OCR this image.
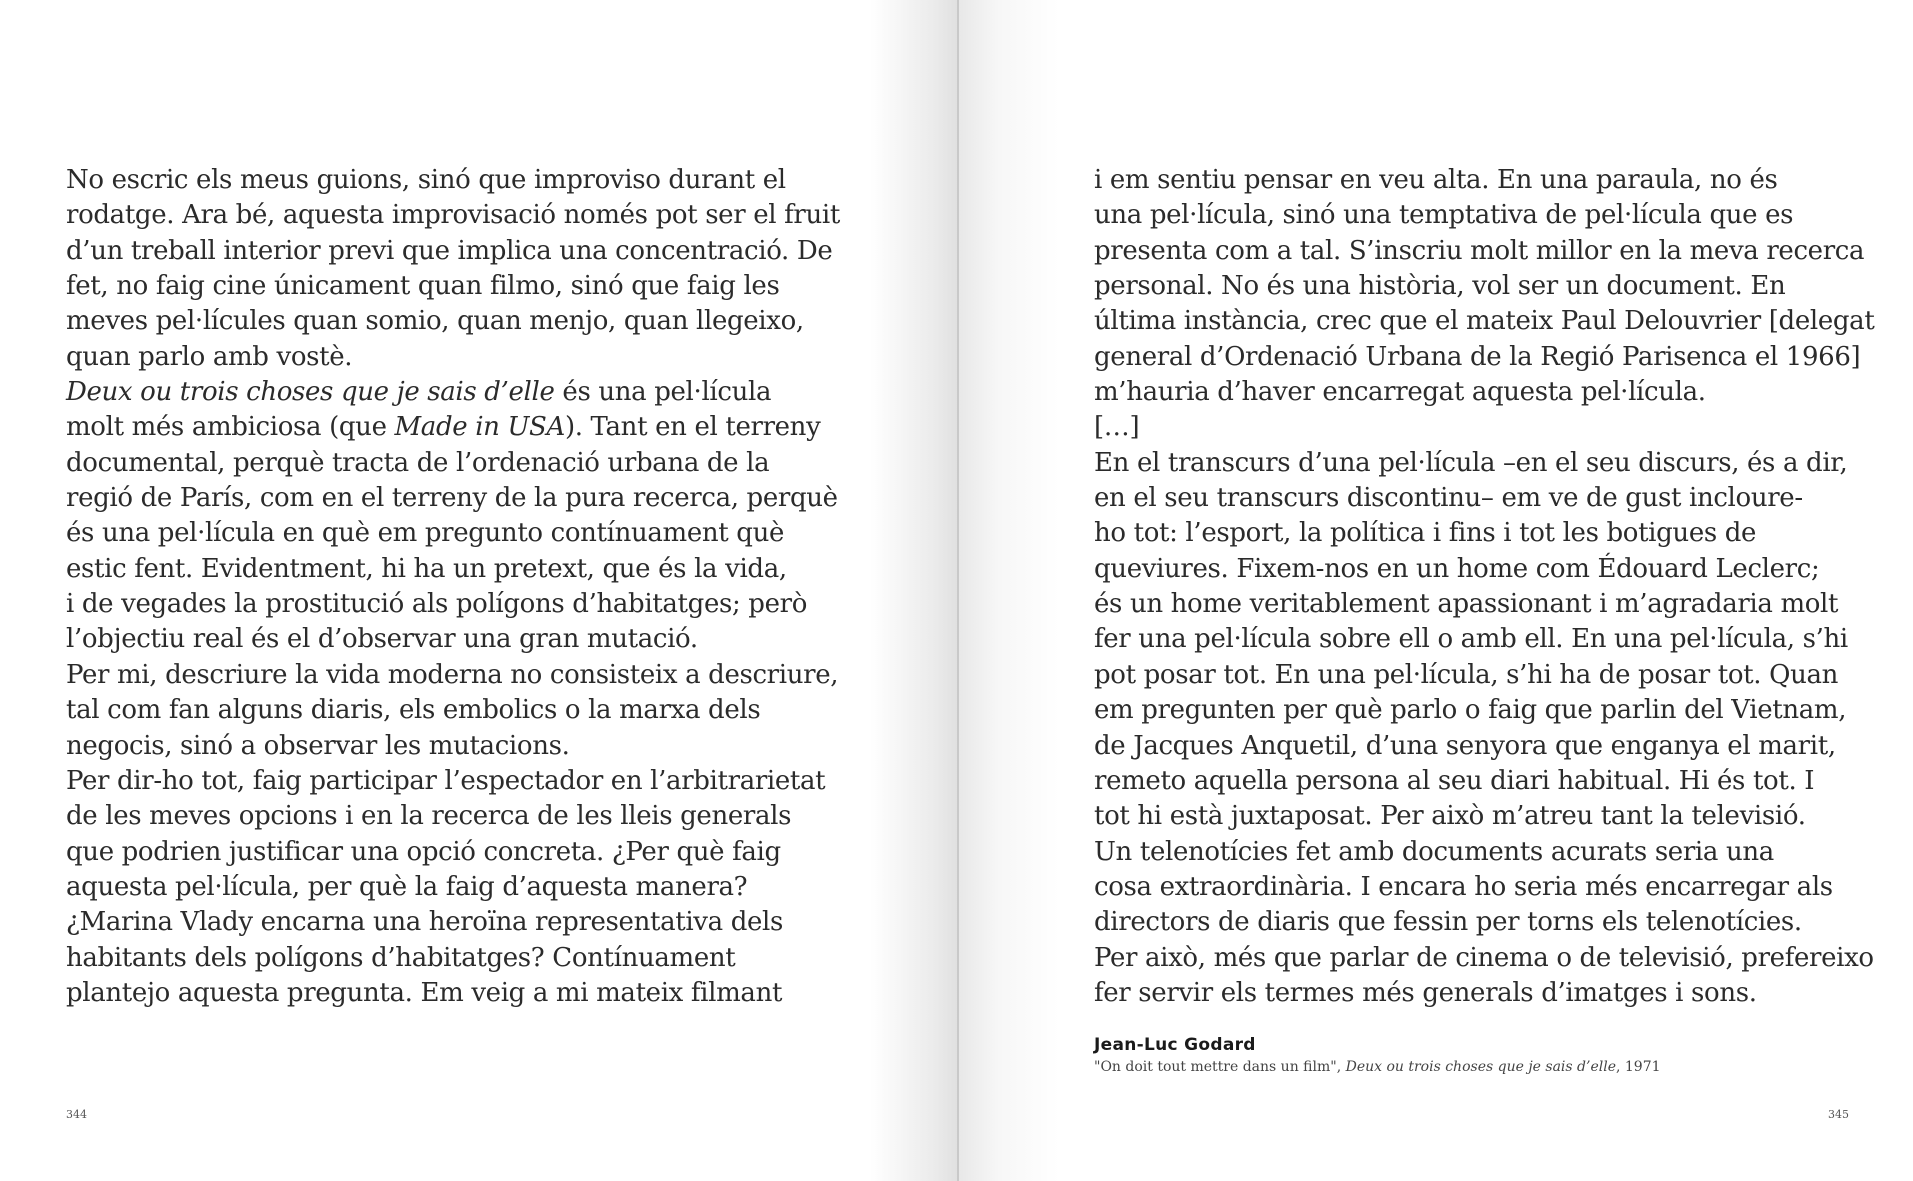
No escric els meus guions, sinó que improviso durant el
rodatge. Ara bé, aquesta improvisació només pot ser el fruit
d’un treball interior previ que implica una concentració. De
fet, no faig cine únicament quan filmo, sinó que faig les
meves pel·lícules quan somio, quan menjo, quan llegeixo,
quan parlo amb vostè.
Deux ou trois choses que je sais d’elle és una pel·lícula
molt més ambiciosa (que Made in USA). Tant en el terreny
documental, perquè tracta de l’ordenació urbana de la
regió de París, com en el terreny de la pura recerca, perquè
és una pel·lícula en què em pregunto contínuament què
estic fent. Evidentment, hi ha un pretext, que és la vida,
i de vegades la prostitució als polígons d’habitatges; però
l’objectiu real és el d’observar una gran mutació.
Per mi, descriure la vida moderna no consisteix a descriure,
tal com fan alguns diaris, els embolics o la marxa dels
negocis, sinó a observar les mutacions.
Per dir-ho tot, faig participar l’espectador en l’arbitrarietat
de les meves opcions i en la recerca de les lleis generals
que podrien justificar una opció concreta. ¿Per què faig
aquesta pel·lícula, per què la faig d’aquesta manera?
¿Marina Vlady encarna una heroïna representativa dels
habitants dels polígons d’habitatges? Contínuament
plantejo aquesta pregunta. Em veig a mi mateix filmant
344
i em sentiu pensar en veu alta. En una paraula, no és
una pel·lícula, sinó una temptativa de pel·lícula que es
presenta com a tal. S’inscriu molt millor en la meva recerca
personal. No és una història, vol ser un document. En
última instància, crec que el mateix Paul Delouvrier [delegat
general d’Ordenació Urbana de la Regió Parisenca el 1966]
m’hauria d’haver encarregat aquesta pel·lícula.
[…]
En el transcurs d’una pel·lícula –en el seu discurs, és a dir,
en el seu transcurs discontinu– em ve de gust incloure-
ho tot: l’esport, la política i fins i tot les botigues de
queviures. Fixem-nos en un home com Édouard Leclerc;
és un home veritablement apassionant i m’agradaria molt
fer una pel·lícula sobre ell o amb ell. En una pel·lícula, s’hi
pot posar tot. En una pel·lícula, s’hi ha de posar tot. Quan
em pregunten per què parlo o faig que parlin del Vietnam,
de Jacques Anquetil, d’una senyora que enganya el marit,
remeto aquella persona al seu diari habitual. Hi és tot. I
tot hi està juxtaposat. Per això m’atreu tant la televisió.
Un telenotícies fet amb documents acurats seria una
cosa extraordinària. I encara ho seria més encarregar als
directors de diaris que fessin per torns els telenotícies.
Per això, més que parlar de cinema o de televisió, prefereixo
fer servir els termes més generals d’imatges i sons.
Jean-Luc Godard
"On doit tout mettre dans un film", Deux ou trois choses que je sais d’elle, 1971
345
